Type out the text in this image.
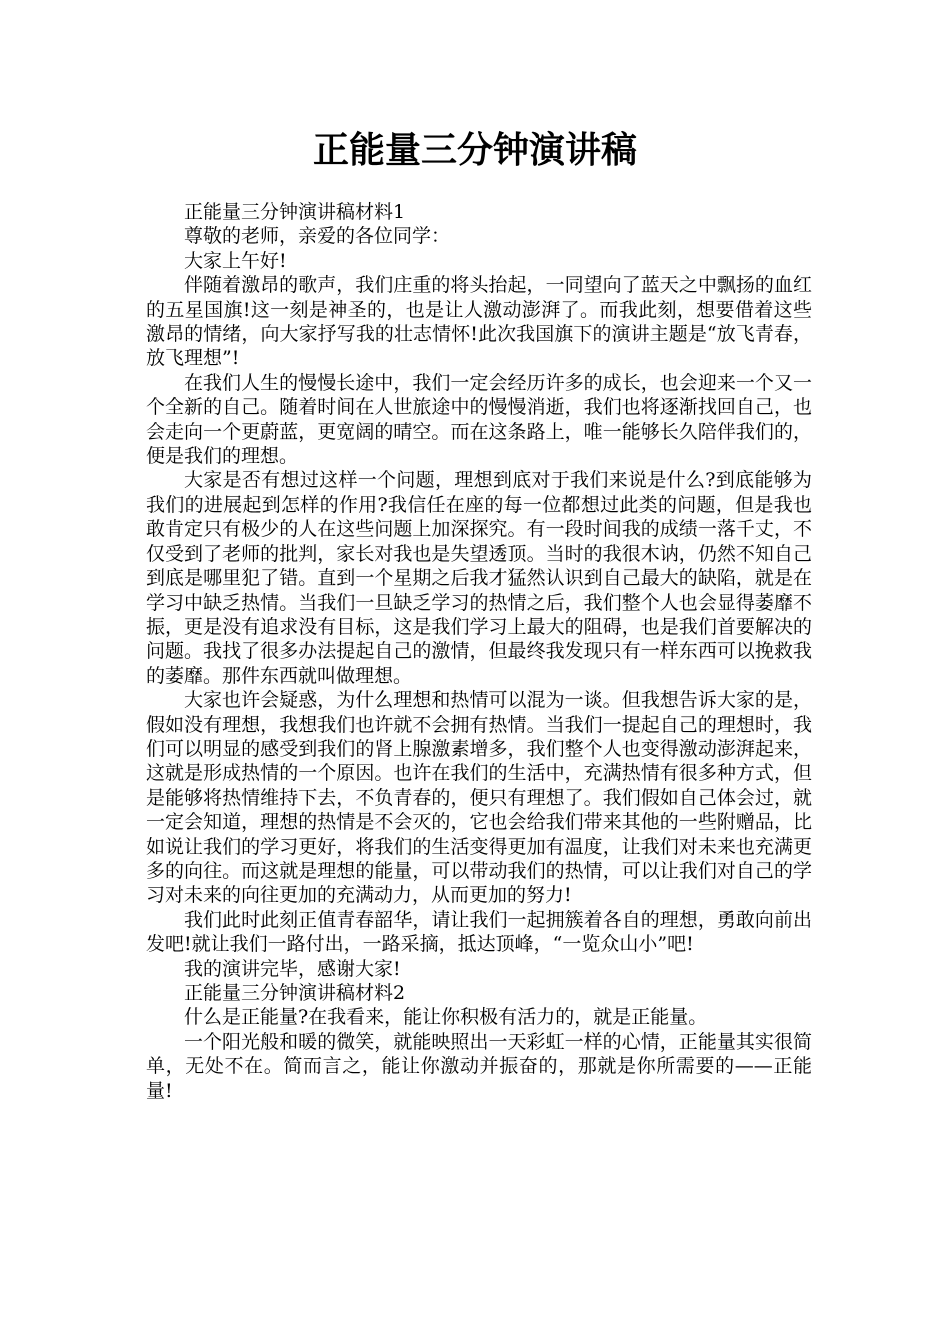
正能量三分钟演讲稿

正能量三分钟演讲稿材料1

尊敬的老师，亲爱的各位同学：

大家上午好!

伴随着激昂的歌声，我们庄重的将头抬起，一同望向了蓝天之中飘扬的血红的五星国旗!这一刻是神圣的，也是让人激动澎湃了。而我此刻，想要借着这些激昂的情绪，向大家抒写我的壮志情怀!此次我国旗下的演讲主题是“放飞青春，放飞理想”!

在我们人生的慢慢长途中，我们一定会经历许多的成长，也会迎来一个又一个全新的自己。随着时间在人世旅途中的慢慢消逝，我们也将逐渐找回自己，也会走向一个更蔚蓝，更宽阔的晴空。而在这条路上，唯一能够长久陪伴我们的，便是我们的理想。

大家是否有想过这样一个问题，理想到底对于我们来说是什么?到底能够为我们的进展起到怎样的作用?我信任在座的每一位都想过此类的问题，但是我也敢肯定只有极少的人在这些问题上加深探究。有一段时间我的成绩一落千丈，不仅受到了老师的批判，家长对我也是失望透顶。当时的我很木讷，仍然不知自己到底是哪里犯了错。直到一个星期之后我才猛然认识到自己最大的缺陷，就是在学习中缺乏热情。当我们一旦缺乏学习的热情之后，我们整个人也会显得萎靡不振，更是没有追求没有目标，这是我们学习上最大的阻碍，也是我们首要解决的问题。我找了很多办法提起自己的激情，但最终我发现只有一样东西可以挽救我的萎靡。那件东西就叫做理想。

大家也许会疑惑，为什么理想和热情可以混为一谈。但我想告诉大家的是，假如没有理想，我想我们也许就不会拥有热情。当我们一提起自己的理想时，我们可以明显的感受到我们的肾上腺激素增多，我们整个人也变得激动澎湃起来，这就是形成热情的一个原因。也许在我们的生活中，充满热情有很多种方式，但是能够将热情维持下去，不负青春的，便只有理想了。我们假如自己体会过，就一定会知道，理想的热情是不会灭的，它也会给我们带来其他的一些附赠品，比如说让我们的学习更好，将我们的生活变得更加有温度，让我们对未来也充满更多的向往。而这就是理想的能量，可以带动我们的热情，可以让我们对自己的学习对未来的向往更加的充满动力，从而更加的努力!

我们此时此刻正值青春韶华，请让我们一起拥簇着各自的理想，勇敢向前出发吧!就让我们一路付出，一路采摘，抵达顶峰，“一览众山小”吧!

我的演讲完毕，感谢大家!

正能量三分钟演讲稿材料2

什么是正能量?在我看来，能让你积极有活力的，就是正能量。

一个阳光般和暖的微笑，就能映照出一天彩虹一样的心情，正能量其实很简单，无处不在。简而言之，能让你激动并振奋的，那就是你所需要的——正能量!
